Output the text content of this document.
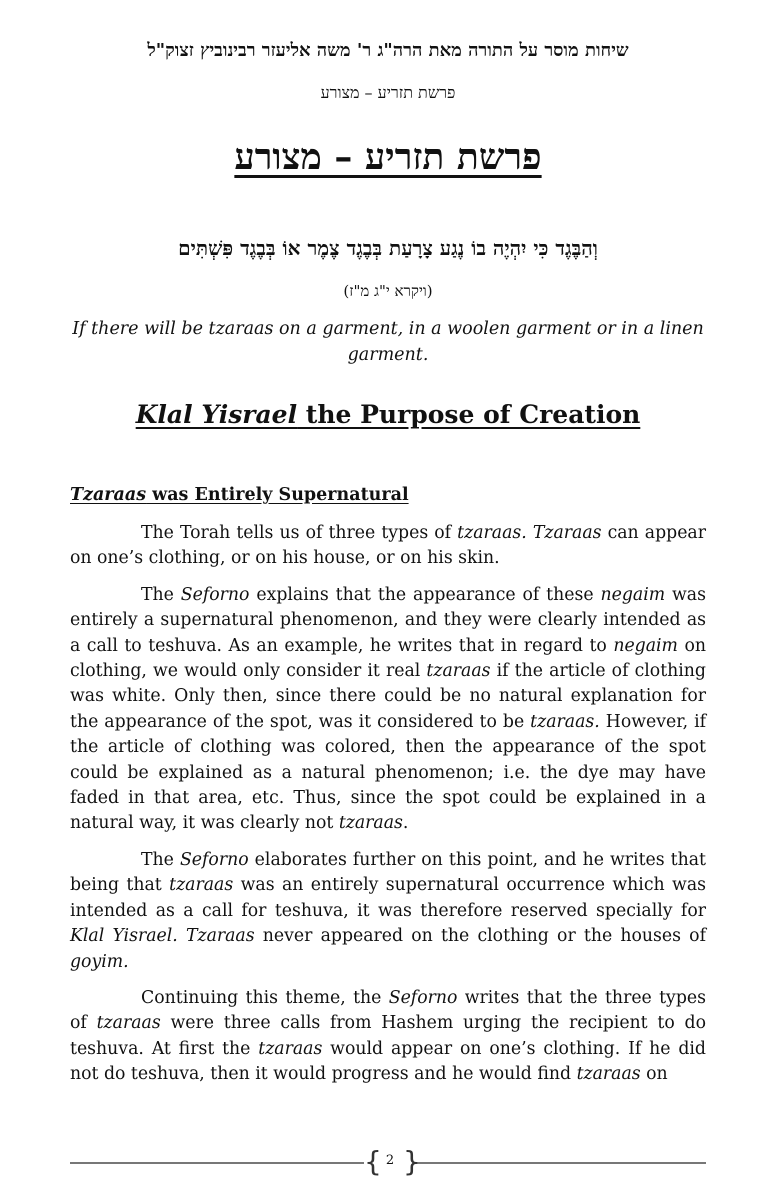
שיחות מוסר על התורה מאת הרה"ג ר' משה אליעזר רבינוביץ זצוק"ל
פרשת תזריע – מצורע
פרשת תזריע – מצורע
וְהַבֶּגֶד כִּי יִהְיֶה בוֹ נֶגַע צָרָעַת בְּבֶגֶד צֶמֶר אוֹ בְּבֶגֶד פִּשְׁתִּים
(ויקרא י"ג מ"ז)
If there will be tzaraas on a garment, in a woolen garment or in a linen garment.
Klal Yisrael the Purpose of Creation
Tzaraas was Entirely Supernatural

The Torah tells us of three types of tzaraas. Tzaraas can appear on one’s clothing, or on his house, or on his skin.

The Seforno explains that the appearance of these negaim was entirely a supernatural phenomenon, and they were clearly intended as a call to teshuva. As an example, he writes that in regard to negaim on clothing, we would only consider it real tzaraas if the article of clothing was white. Only then, since there could be no natural explanation for the appearance of the spot, was it considered to be tzaraas. However, if the article of clothing was colored, then the appearance of the spot could be explained as a natural phenomenon; i.e. the dye may have faded in that area, etc. Thus, since the spot could be explained in a natural way, it was clearly not tzaraas.

The Seforno elaborates further on this point, and he writes that being that tzaraas was an entirely supernatural occurrence which was intended as a call for teshuva, it was therefore reserved specially for Klal Yisrael. Tzaraas never appeared on the clothing or the houses of goyim.

Continuing this theme, the Seforno writes that the three types of tzaraas were three calls from Hashem urging the recipient to do teshuva. At first the tzaraas would appear on one’s clothing. If he did not do teshuva, then it would progress and he would find tzaraas on

{ }
2
